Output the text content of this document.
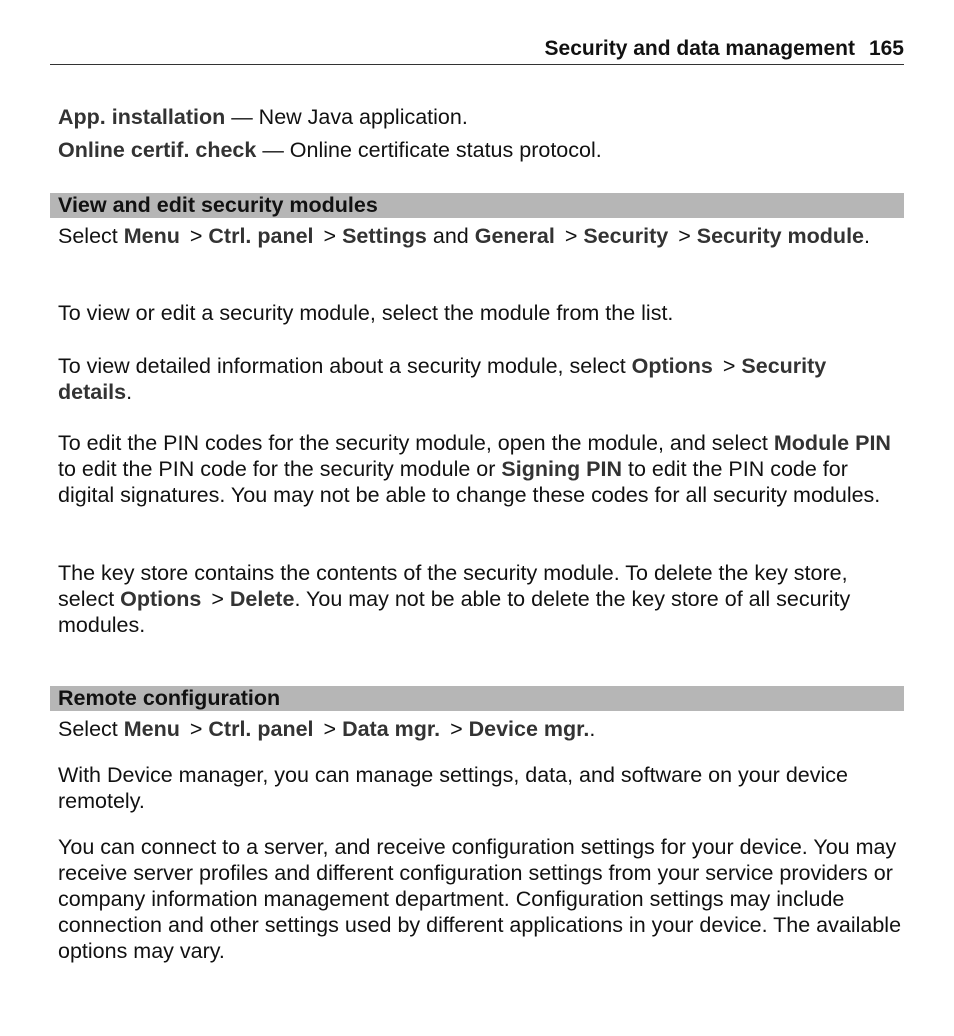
Security and data management 165
App. installation — New Java application.
Online certif. check — Online certificate status protocol.
View and edit security modules
Select Menu > Ctrl. panel > Settings and General > Security > Security module.
To view or edit a security module, select the module from the list.
To view detailed information about a security module, select Options > Security details.
To edit the PIN codes for the security module, open the module, and select Module PIN to edit the PIN code for the security module or Signing PIN to edit the PIN code for digital signatures. You may not be able to change these codes for all security modules.
The key store contains the contents of the security module. To delete the key store, select Options > Delete. You may not be able to delete the key store of all security modules.
Remote configuration
Select Menu > Ctrl. panel > Data mgr. > Device mgr..
With Device manager, you can manage settings, data, and software on your device remotely.
You can connect to a server, and receive configuration settings for your device. You may receive server profiles and different configuration settings from your service providers or company information management department. Configuration settings may include connection and other settings used by different applications in your device. The available options may vary.
